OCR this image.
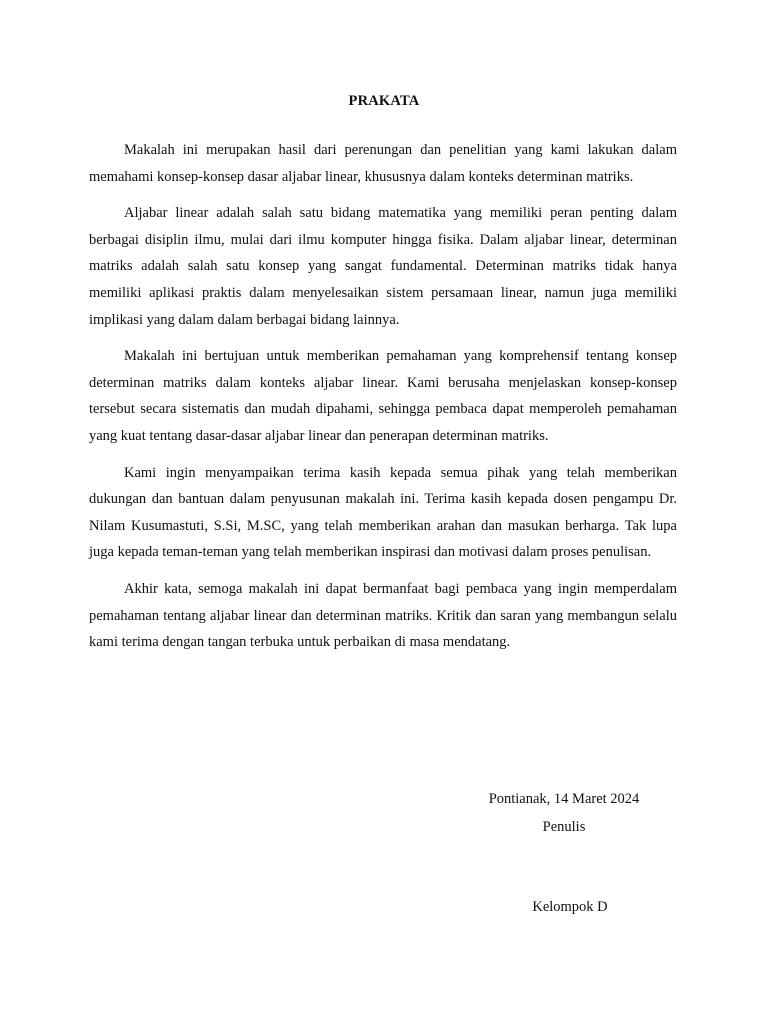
PRAKATA

Makalah ini merupakan hasil dari perenungan dan penelitian yang kami lakukan dalam memahami konsep-konsep dasar aljabar linear, khususnya dalam konteks determinan matriks.

Aljabar linear adalah salah satu bidang matematika yang memiliki peran penting dalam berbagai disiplin ilmu, mulai dari ilmu komputer hingga fisika. Dalam aljabar linear, determinan matriks adalah salah satu konsep yang sangat fundamental. Determinan matriks tidak hanya memiliki aplikasi praktis dalam menyelesaikan sistem persamaan linear, namun juga memiliki implikasi yang dalam dalam berbagai bidang lainnya.

Makalah ini bertujuan untuk memberikan pemahaman yang komprehensif tentang konsep determinan matriks dalam konteks aljabar linear. Kami berusaha menjelaskan konsep-konsep tersebut secara sistematis dan mudah dipahami, sehingga pembaca dapat memperoleh pemahaman yang kuat tentang dasar-dasar aljabar linear dan penerapan determinan matriks.

Kami ingin menyampaikan terima kasih kepada semua pihak yang telah memberikan dukungan dan bantuan dalam penyusunan makalah ini. Terima kasih kepada dosen pengampu Dr. Nilam Kusumastuti, S.Si, M.SC, yang telah memberikan arahan dan masukan berharga. Tak lupa juga kepada teman-teman yang telah memberikan inspirasi dan motivasi dalam proses penulisan.

Akhir kata, semoga makalah ini dapat bermanfaat bagi pembaca yang ingin memperdalam pemahaman tentang aljabar linear dan determinan matriks. Kritik dan saran yang membangun selalu kami terima dengan tangan terbuka untuk perbaikan di masa mendatang.

Pontianak, 14 Maret 2024
Penulis
Kelompok D
